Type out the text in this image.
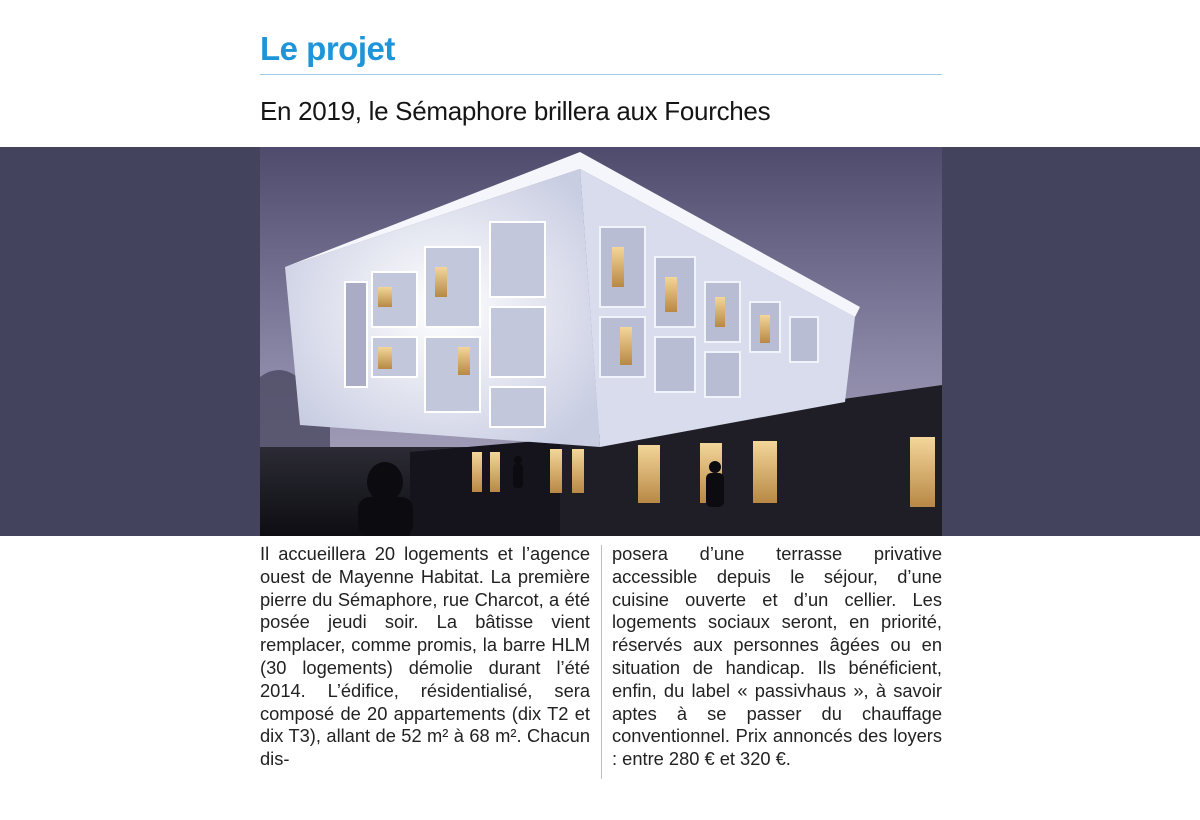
Le projet
En 2019, le Sémaphore brillera aux Fourches

Il accueillera 20 logements et l’agence ouest de Mayenne Habitat. La première pierre du Sémaphore, rue Charcot, a été posée jeudi soir. La bâtisse vient remplacer, comme promis, la barre HLM (30 logements) démolie durant l’été 2014. L’édifice, résidentialisé, sera composé de 20 appartements (dix T2 et dix T3), allant de 52 m² à 68 m². Chacun dis-

posera d’une terrasse privative accessible depuis le séjour, d’une cuisine ouverte et d’un cellier. Les logements sociaux seront, en priorité, réservés aux personnes âgées ou en situation de handicap. Ils bénéficient, enfin, du label « passivhaus », à savoir aptes à se passer du chauffage conventionnel. Prix annoncés des loyers : entre 280 € et 320 €.
